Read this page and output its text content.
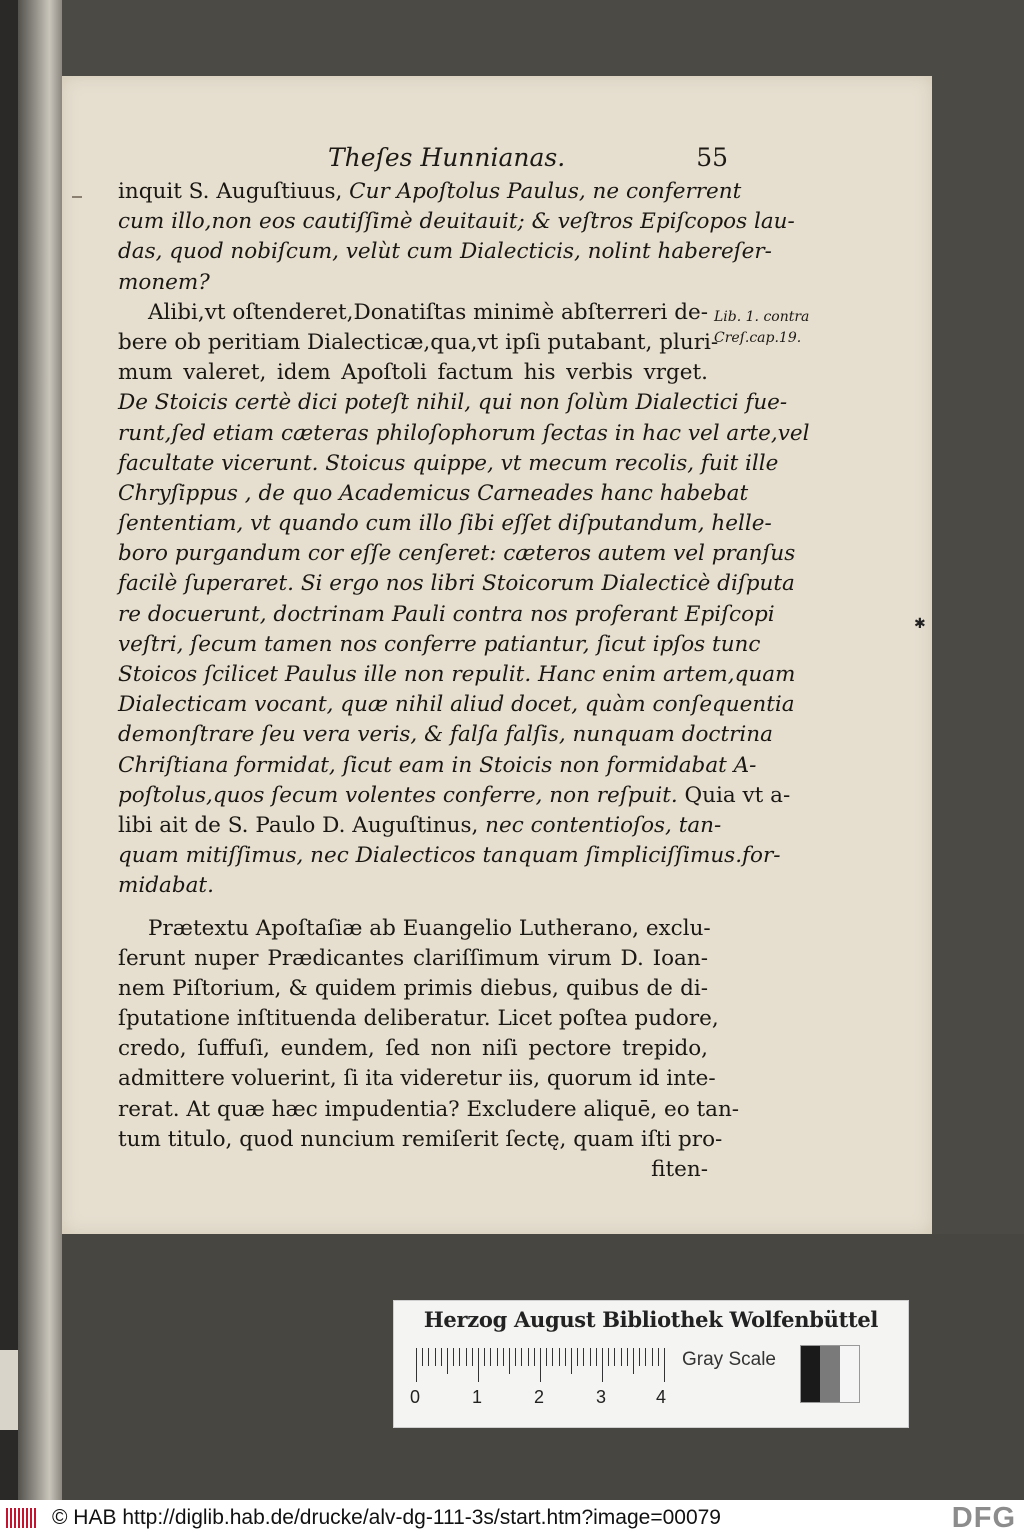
Theſes Hunnianas.	55
Lib. 1. contra
Creſ.cap.19.
✱
inquit S. Auguſtiuus, Cur Apoſtolus Paulus, ne conferrent
cum illo,non eos cautiſſimè deuitauit; & veſtros Epiſcopos lau-
das, quod nobiſcum, velùt cum Dialecticis, nolint habereſer-
monem?
Alibi,vt oſtenderet,Donatiſtas minimè abſterreri de-
bere ob peritiam Dialecticæ,qua,vt ipſi putabant, pluri-
mum valeret, idem Apoſtoli factum his verbis vrget.
De Stoicis certè dici poteſt nihil, qui non ſolùm Dialectici fue-
runt,ſed etiam cæteras philoſophorum ſectas in hac vel arte,vel
facultate vicerunt. Stoicus quippe, vt mecum recolis, fuit ille
Chryſippus , de quo Academicus Carneades hanc habebat
ſententiam, vt quando cum illo ſibi eſſet diſputandum, helle-
boro purgandum cor eſſe cenſeret: cæteros autem vel pranſus
facilè ſuperaret. Si ergo nos libri Stoicorum Dialecticè diſputa
re docuerunt, doctrinam Pauli contra nos proferant Epiſcopi
veſtri, ſecum tamen nos conferre patiantur, ſicut ipſos tunc
Stoicos ſcilicet Paulus ille non repulit. Hanc enim artem,quam
Dialecticam vocant, quæ nihil aliud docet, quàm conſequentia
demonſtrare ſeu vera veris, & falſa falſis, nunquam doctrina
Chriſtiana formidat, ſicut eam in Stoicis non formidabat A-
poſtolus,quos ſecum volentes conferre, non reſpuit. Quia vt a-
libi ait de S. Paulo D. Auguſtinus, nec contentioſos, tan-
quam mitiſſimus, nec Dialecticos tanquam ſimpliciſſimus.for-
midabat.
Prætextu Apoſtaſiæ ab Euangelio Lutherano, exclu-
ſerunt nuper Prædicantes clariſſimum virum D. Ioan-
nem Piſtorium, & quidem primis diebus, quibus de di-
ſputatione inſtituenda deliberatur. Licet poſtea pudore,
credo, ſuffuſi, eundem, ſed non niſi pectore trepido,
admittere voluerint, ſi ita videretur iis, quorum id inte-
rerat. At quæ hæc impudentia? Excludere aliquē, eo tan-
tum titulo, quod nuncium remiſerit ſectę, quam iſti pro-
fiten-
Herzog August Bibliothek Wolfenbüttel
0	1	2	3	4
Gray Scale
© HAB http://diglib.hab.de/drucke/alv-dg-111-3s/start.htm?image=00079	DFG
